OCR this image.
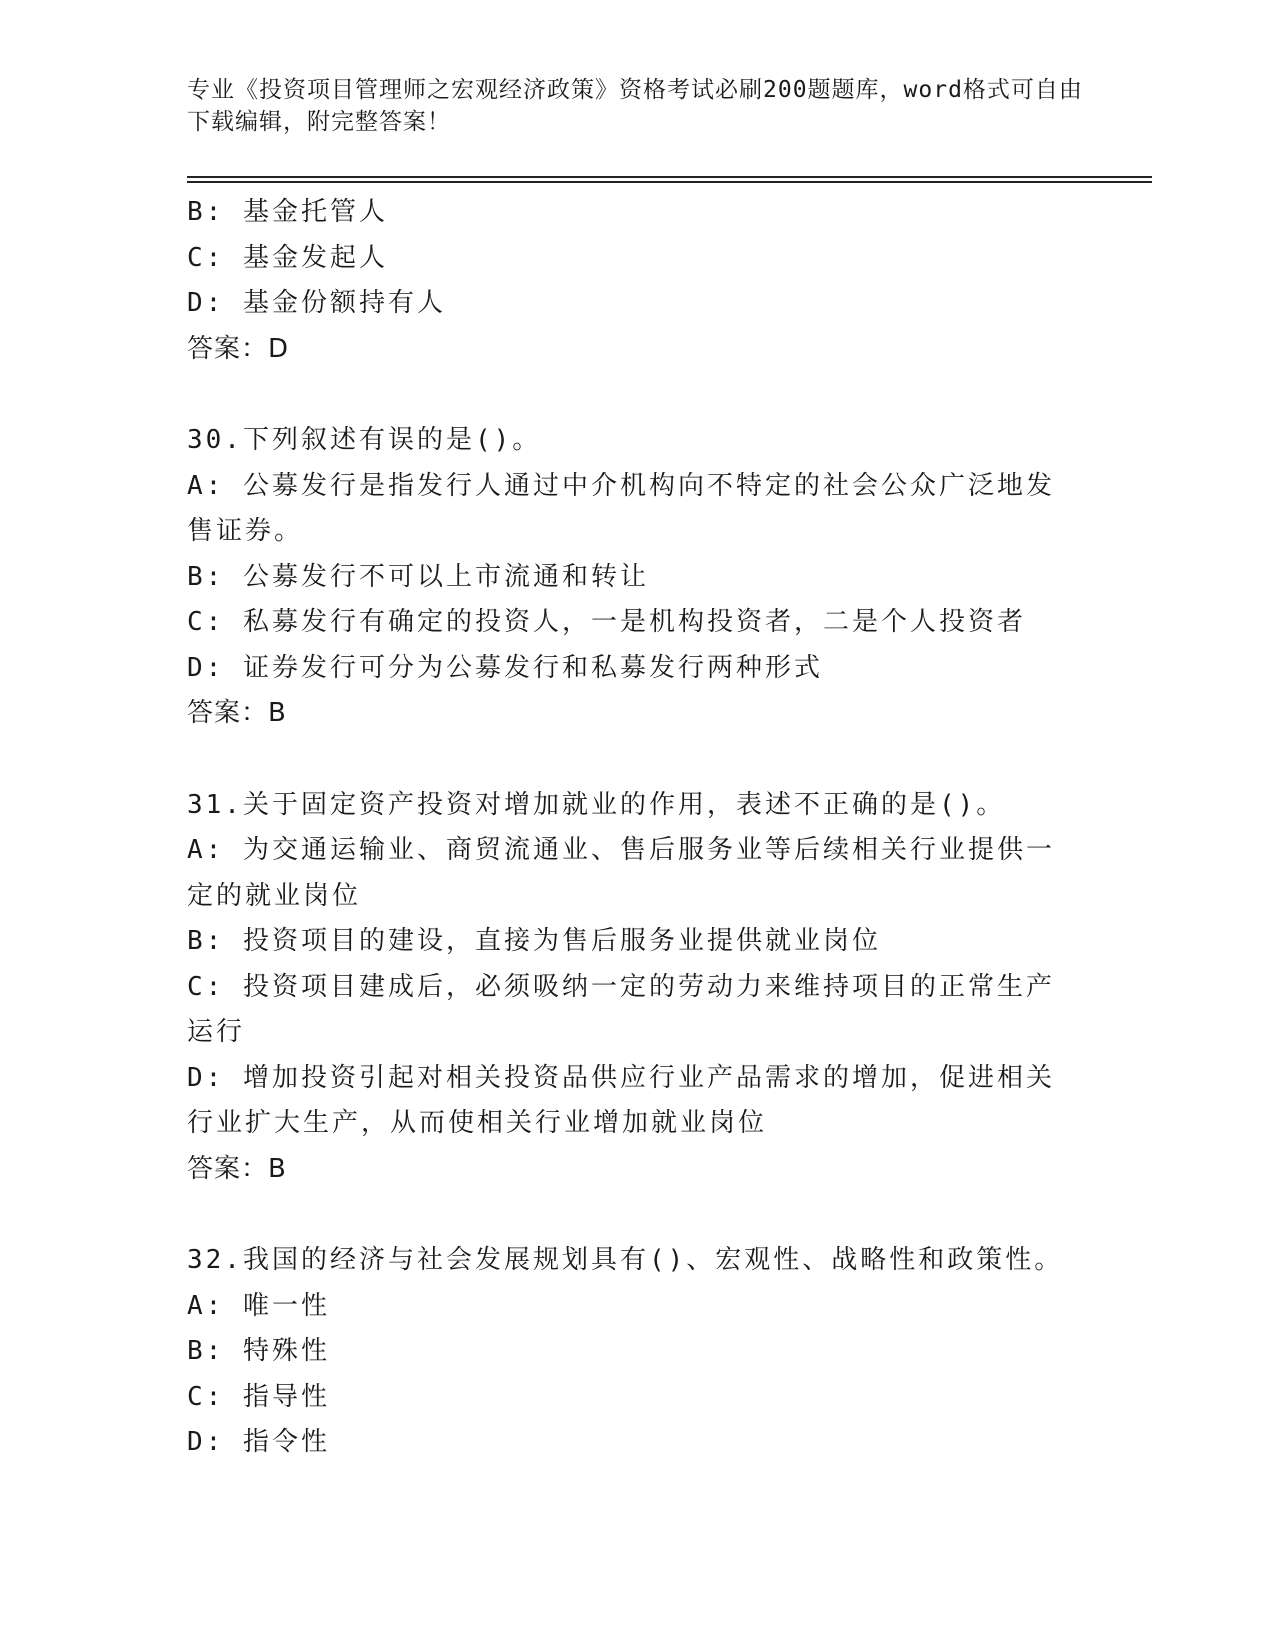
专业《投资项目管理师之宏观经济政策》资格考试必刷200题题库，word格式可自由下载编辑，附完整答案！

B: 基金托管人

C: 基金发起人

D: 基金份额持有人

答案：D

30.下列叙述有误的是()。

A: 公募发行是指发行人通过中介机构向不特定的社会公众广泛地发售证券。

B: 公募发行不可以上市流通和转让

C: 私募发行有确定的投资人，一是机构投资者，二是个人投资者

D: 证券发行可分为公募发行和私募发行两种形式

答案：B

31.关于固定资产投资对增加就业的作用，表述不正确的是()。

A: 为交通运输业、商贸流通业、售后服务业等后续相关行业提供一定的就业岗位

B: 投资项目的建设，直接为售后服务业提供就业岗位

C: 投资项目建成后，必须吸纳一定的劳动力来维持项目的正常生产运行

D: 增加投资引起对相关投资品供应行业产品需求的增加，促进相关行业扩大生产，从而使相关行业增加就业岗位

答案：B

32.我国的经济与社会发展规划具有()、宏观性、战略性和政策性。

A: 唯一性

B: 特殊性

C: 指导性

D: 指令性
